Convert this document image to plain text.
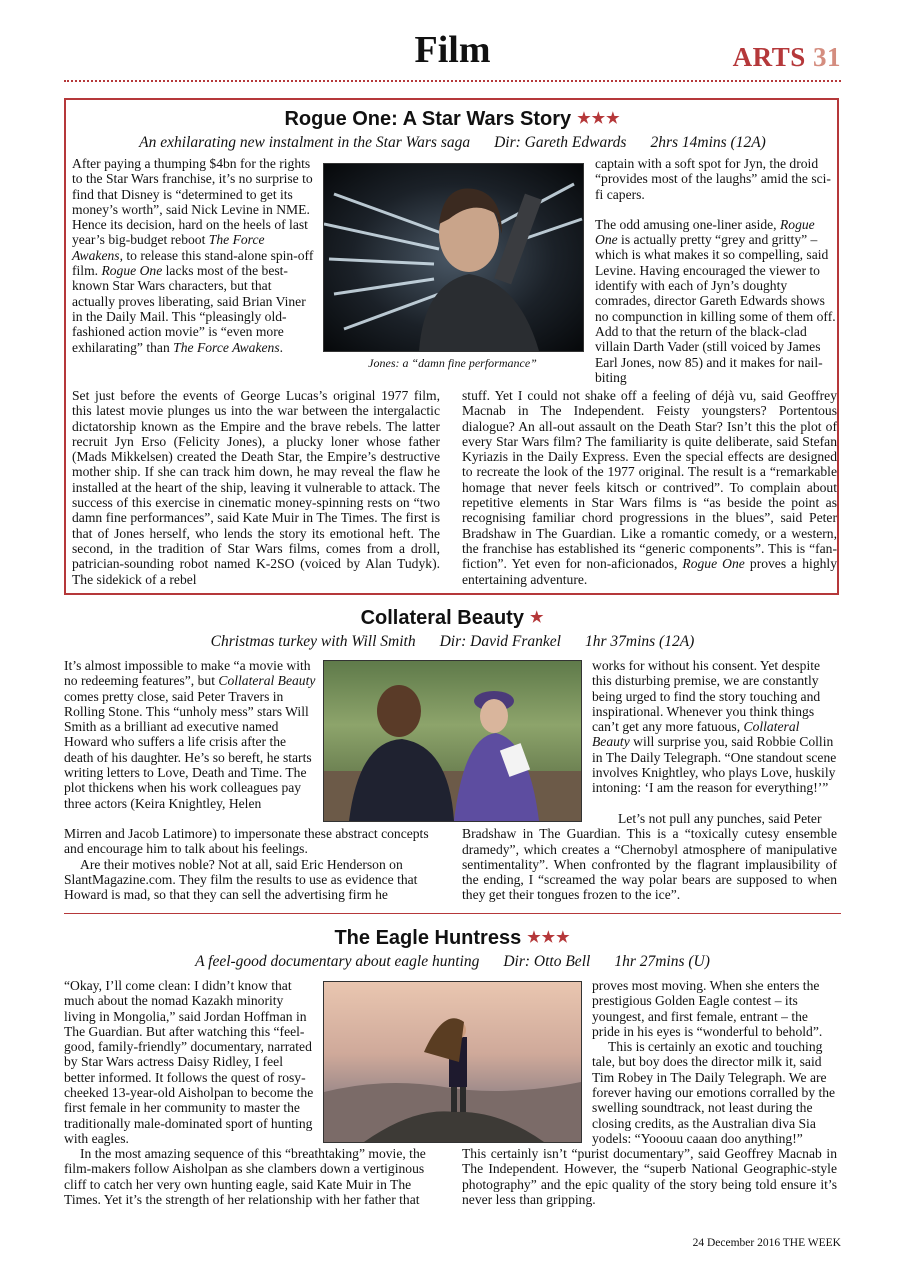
Film	ARTS 31
Rogue One: A Star Wars Story ★★★
An exhilarating new instalment in the Star Wars saga Dir: Gareth Edwards 2hrs 14mins (12A)

After paying a thumping $4bn for the rights to the Star Wars franchise, it’s no surprise to find that Disney is “determined to get its money’s worth”, said Nick Levine in NME. Hence its decision, hard on the heels of last year’s big-budget reboot The Force Awakens, to release this stand-alone spin-off film. Rogue One lacks most of the best-known Star Wars characters, but that actually proves liberating, said Brian Viner in the Daily Mail. This “pleasingly old-fashioned action movie” is “even more exhilarating” than The Force Awakens.

Jones: a “damn fine performance”

captain with a soft spot for Jyn, the droid “provides most of the laughs” amid the sci-fi capers.

The odd amusing one-liner aside, Rogue One is actually pretty “grey and gritty” – which is what makes it so compelling, said Levine. Having encouraged the viewer to identify with each of Jyn’s doughty comrades, director Gareth Edwards shows no compunction in killing some of them off. Add to that the return of the black-clad villain Darth Vader (still voiced by James Earl Jones, now 85) and it makes for nail-biting

Set just before the events of George Lucas’s original 1977 film, this latest movie plunges us into the war between the intergalactic dictatorship known as the Empire and the brave rebels. The latter recruit Jyn Erso (Felicity Jones), a plucky loner whose father (Mads Mikkelsen) created the Death Star, the Empire’s destructive mother ship. If she can track him down, he may reveal the flaw he installed at the heart of the ship, leaving it vulnerable to attack. The success of this exercise in cinematic money-spinning rests on “two damn fine performances”, said Kate Muir in The Times. The first is that of Jones herself, who lends the story its emotional heft. The second, in the tradition of Star Wars films, comes from a droll, patrician-sounding robot named K-2SO (voiced by Alan Tudyk). The sidekick of a rebel

stuff. Yet I could not shake off a feeling of déjà vu, said Geoffrey Macnab in The Independent. Feisty youngsters? Portentous dialogue? An all-out assault on the Death Star? Isn’t this the plot of every Star Wars film? The familiarity is quite deliberate, said Stefan Kyriazis in the Daily Express. Even the special effects are designed to recreate the look of the 1977 original. The result is a “remarkable homage that never feels kitsch or contrived”. To complain about repetitive elements in Star Wars films is “as beside the point as recognising familiar chord progressions in the blues”, said Peter Bradshaw in The Guardian. Like a romantic comedy, or a western, the franchise has established its “generic components”. This is “fan-fiction”. Yet even for non-aficionados, Rogue One proves a highly entertaining adventure.

Collateral Beauty ★
Christmas turkey with Will Smith Dir: David Frankel 1hr 37mins (12A)

It’s almost impossible to make “a movie with no redeeming features”, but Collateral Beauty comes pretty close, said Peter Travers in Rolling Stone. This “unholy mess” stars Will Smith as a brilliant ad executive named Howard who suffers a life crisis after the death of his daughter. He’s so bereft, he starts writing letters to Love, Death and Time. The plot thickens when his work colleagues pay three actors (Keira Knightley, Helen

works for without his consent. Yet despite this disturbing premise, we are constantly being urged to find the story touching and inspirational. Whenever you think things can’t get any more fatuous, Collateral Beauty will surprise you, said Robbie Collin in The Daily Telegraph. “One standout scene involves Knightley, who plays Love, huskily intoning: ‘I am the reason for everything!’”

Mirren and Jacob Latimore) to impersonate these abstract concepts and encourage him to talk about his feelings.

Are their motives noble? Not at all, said Eric Henderson on SlantMagazine.com. They film the results to use as evidence that Howard is mad, so that they can sell the advertising firm he

Let’s not pull any punches, said Peter

Bradshaw in The Guardian. This is a “toxically cutesy ensemble dramedy”, which creates a “Chernobyl atmosphere of manipulative sentimentality”. When confronted by the flagrant implausibility of the ending, I “screamed the way polar bears are supposed to when they get their tongues frozen to the ice”.

The Eagle Huntress ★★★
A feel-good documentary about eagle hunting Dir: Otto Bell 1hr 27mins (U)

“Okay, I’ll come clean: I didn’t know that much about the nomad Kazakh minority living in Mongolia,” said Jordan Hoffman in The Guardian. But after watching this “feel-good, family-friendly” documentary, narrated by Star Wars actress Daisy Ridley, I feel better informed. It follows the quest of rosy-cheeked 13-year-old Aisholpan to become the first female in her community to master the traditionally male-dominated sport of hunting with eagles.

proves most moving. When she enters the prestigious Golden Eagle contest – its youngest, and first female, entrant – the pride in his eyes is “wonderful to behold”.

This is certainly an exotic and touching tale, but boy does the director milk it, said Tim Robey in The Daily Telegraph. We are forever having our emotions corralled by the swelling soundtrack, not least during the closing credits, as the Australian diva Sia yodels: “Yooouu caaan doo anything!”

In the most amazing sequence of this “breathtaking” movie, the film-makers follow Aisholpan as she clambers down a vertiginous cliff to catch her very own hunting eagle, said Kate Muir in The Times. Yet it’s the strength of her relationship with her father that

This certainly isn’t “purist documentary”, said Geoffrey Macnab in The Independent. However, the “superb National Geographic-style photography” and the epic quality of the story being told ensure it’s never less than gripping.

24 December 2016 THE WEEK
